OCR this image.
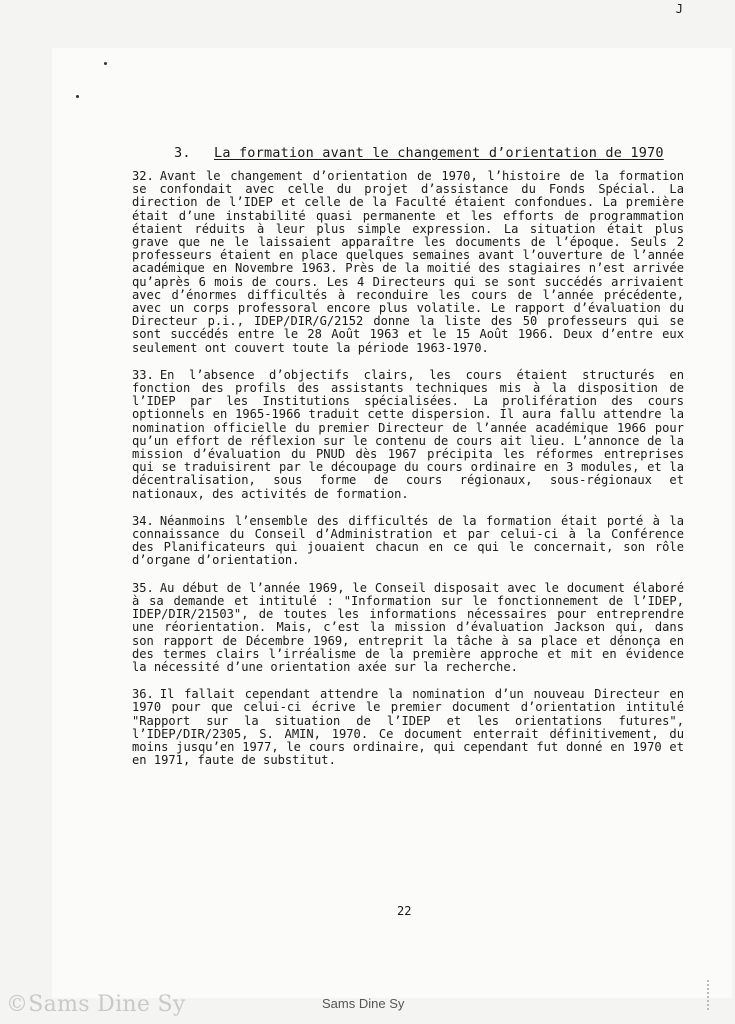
J
3. La formation avant le changement d’orientation de 1970

32. Avant le changement d’orientation de 1970, l’histoire de la formation se confondait avec celle du projet d’assistance du Fonds Spécial. La direction de l’IDEP et celle de la Faculté étaient confondues. La première était d’une instabilité quasi permanente et les efforts de programmation étaient réduits à leur plus simple expression. La situation était plus grave que ne le laissaient apparaître les documents de l’époque. Seuls 2 professeurs étaient en place quelques semaines avant l’ouverture de l’année académique en Novembre 1963. Près de la moitié des stagiaires n’est arrivée qu’après 6 mois de cours. Les 4 Directeurs qui se sont succédés arrivaient avec d’énormes difficultés à reconduire les cours de l’année précédente, avec un corps professoral encore plus volatile. Le rapport d’évaluation du Directeur p.i., IDEP/DIR/G/2152 donne la liste des 50 professeurs qui se sont succédés entre le 28 Août 1963 et le 15 Août 1966. Deux d’entre eux seulement ont couvert toute la période 1963-1970.

33. En l’absence d’objectifs clairs, les cours étaient structurés en fonction des profils des assistants techniques mis à la disposition de l’IDEP par les Institutions spécialisées. La prolifération des cours optionnels en 1965-1966 traduit cette dispersion. Il aura fallu attendre la nomination officielle du premier Directeur de l’année académique 1966 pour qu’un effort de réflexion sur le contenu de cours ait lieu. L’annonce de la mission d’évaluation du PNUD dès 1967 précipita les réformes entreprises qui se traduisirent par le découpage du cours ordinaire en 3 modules, et la décentralisation, sous forme de cours régionaux, sous-régionaux et nationaux, des activités de formation.

34. Néanmoins l’ensemble des difficultés de la formation était porté à la connaissance du Conseil d’Administration et par celui-ci à la Conférence des Planificateurs qui jouaient chacun en ce qui le concernait, son rôle d’organe d’orientation.

35. Au début de l’année 1969, le Conseil disposait avec le document élaboré à sa demande et intitulé : "Information sur le fonctionnement de l’IDEP, IDEP/DIR/21503", de toutes les informations nécessaires pour entreprendre une réorientation. Mais, c’est la mission d’évaluation Jackson qui, dans son rapport de Décembre 1969, entreprit la tâche à sa place et dénonça en des termes clairs l’irréalisme de la première approche et mit en évidence la nécessité d’une orientation axée sur la recherche.

36. Il fallait cependant attendre la nomination d’un nouveau Directeur en 1970 pour que celui-ci écrive le premier document d’orientation intitulé "Rapport sur la situation de l’IDEP et les orientations futures", l’IDEP/DIR/2305, S. AMIN, 1970. Ce document enterrait définitivement, du moins jusqu’en 1977, le cours ordinaire, qui cependant fut donné en 1970 et en 1971, faute de substitut.

22
©Sams Dine Sy	Sams Dine Sy
